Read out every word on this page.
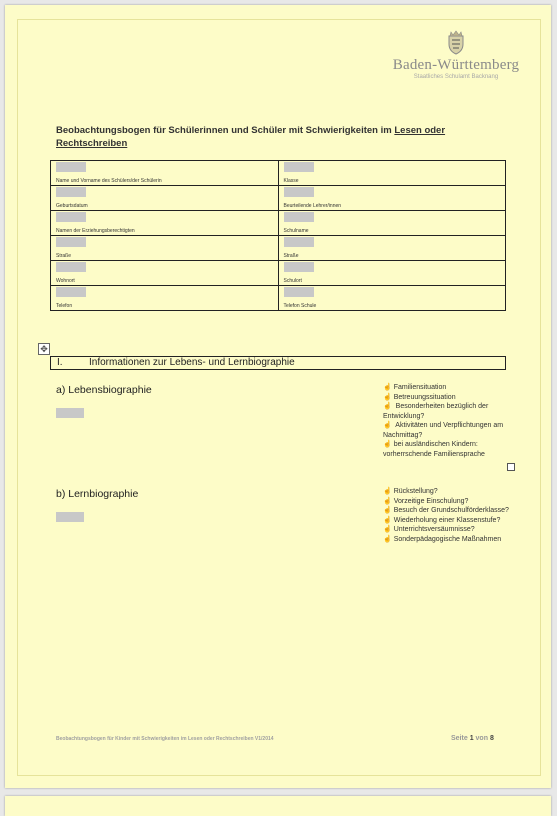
Baden-Württemberg
Staatliches Schulamt Backnang
Beobachtungsbogen für Schülerinnen und Schüler mit Schwierigkeiten im Lesen oder Rechtschreiben
Name und Vorname des Schülers/der Schülerin	Klasse

Geburtsdatum	Beurteilende Lehrer/innen

Namen der Erziehungsberechtigten	Schulname

Straße	Straße

Wohnort	Schulort

Telefon	Telefon Schule
✥
I.	Informationen zur Lebens- und Lernbiographie
a) Lebensbiographie	☝ Familiensituation
☝ Betreuungssituation
☝ Besonderheiten bezüglich der Entwicklung?
☝ Aktivitäten und Verpflichtungen am Nachmittag?
☝ bei ausländischen Kindern: vorherrschende Familiensprache
b) Lernbiographie	☝ Rückstellung?
☝ Vorzeitige Einschulung?
☝ Besuch der Grundschulförderklasse?
☝ Wiederholung einer Klassenstufe?
☝ Unterrichtsversäumnisse?
☝ Sonderpädagogische Maßnahmen
Beobachtungsbogen für Kinder mit Schwierigkeiten im Lesen oder Rechtschreiben V1/2014	Seite 1 von 8
